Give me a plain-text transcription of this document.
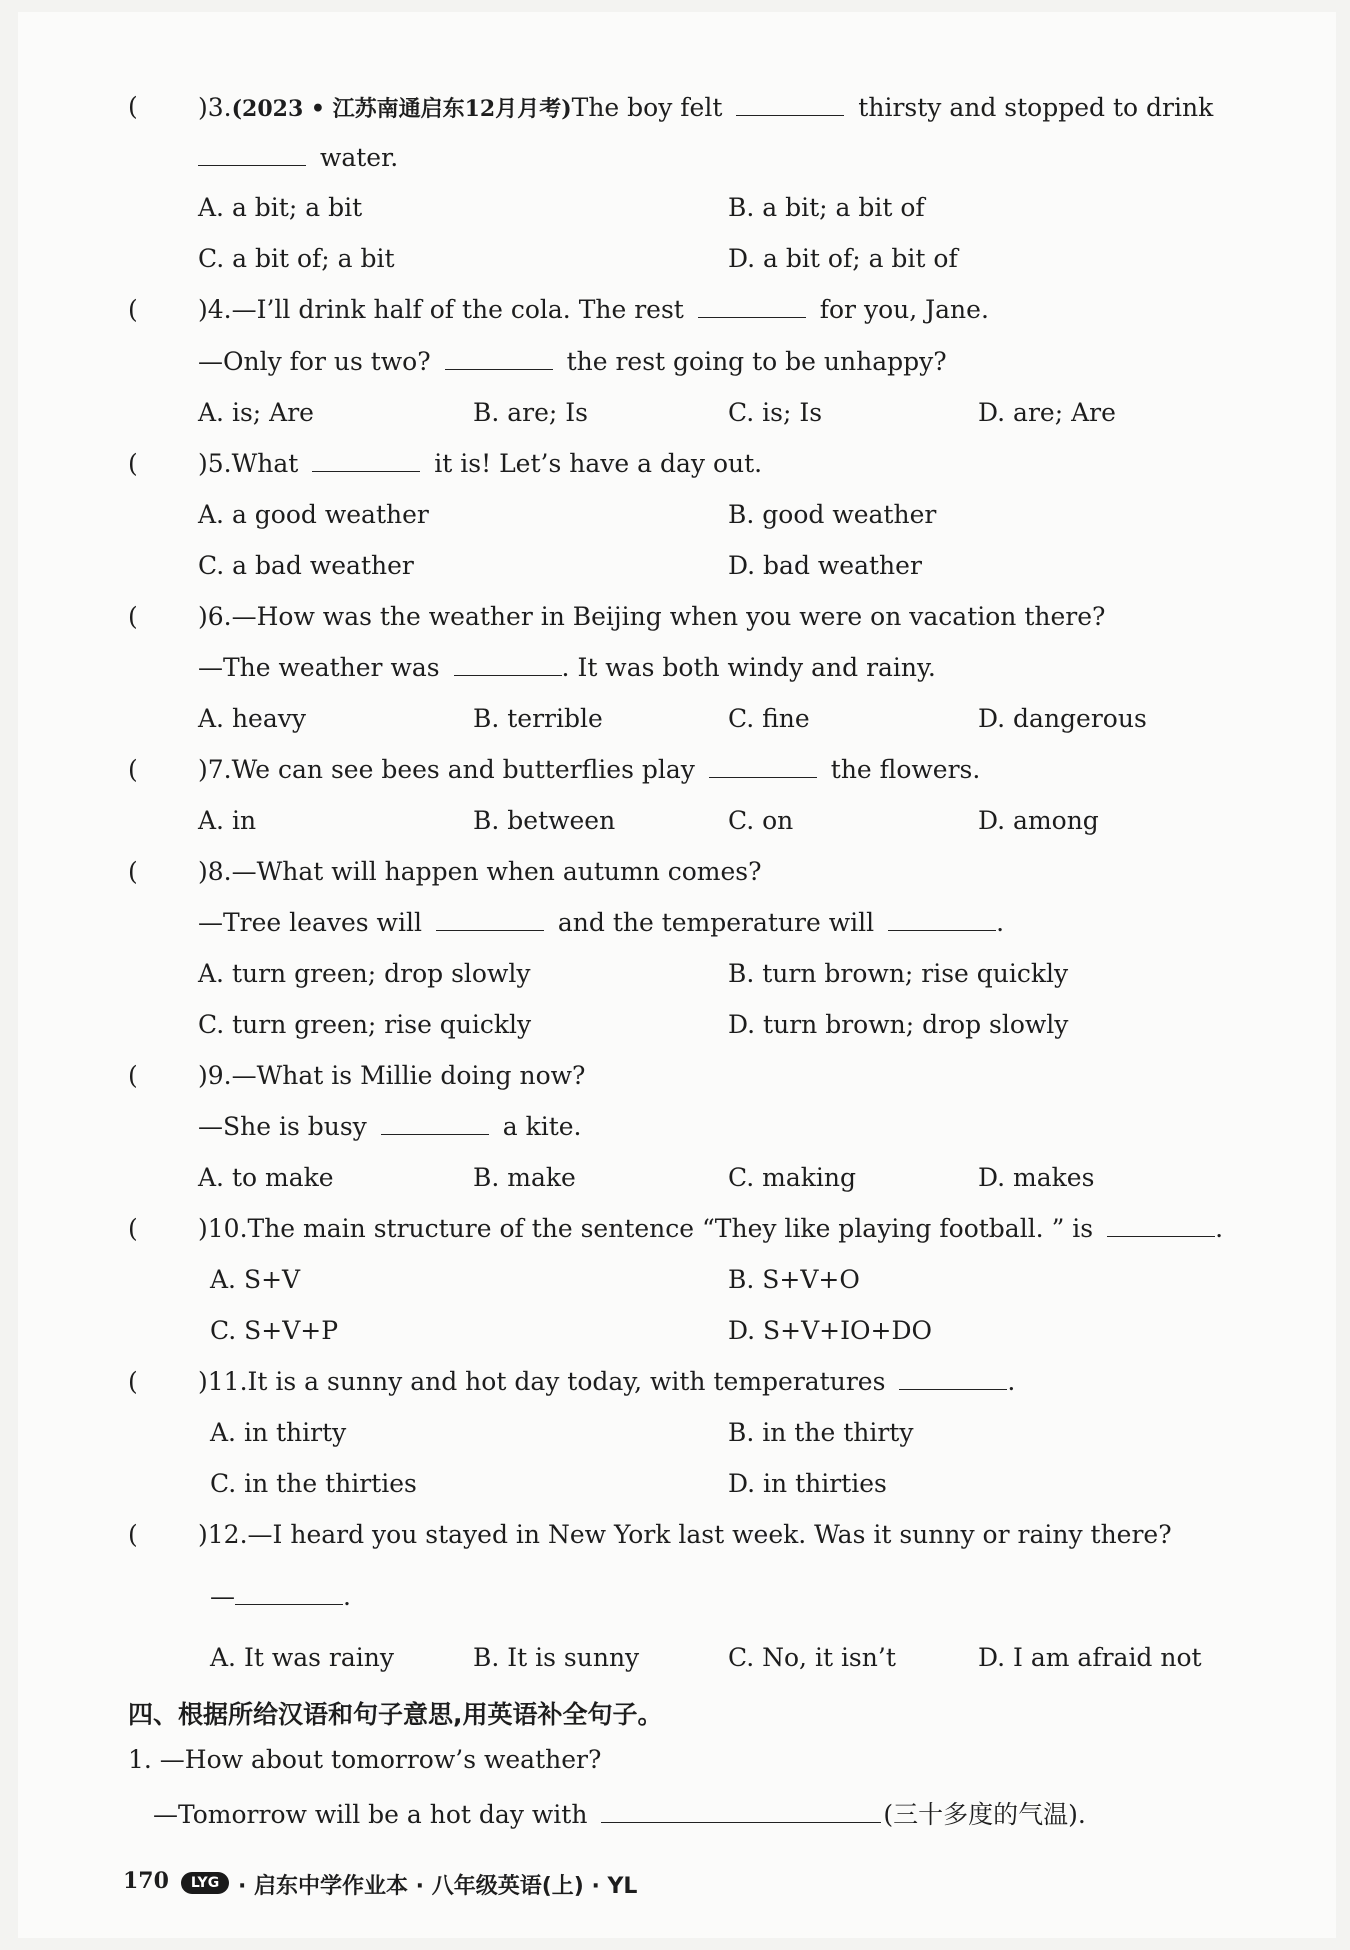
( )3.(2023 • 江苏南通启东12月月考)The boy felt	thirsty and stopped to drink
water.
A. a bit; a bit	B. a bit; a bit of
C. a bit of; a bit	D. a bit of; a bit of
( )4.—I’ll drink half of the cola. The rest	for you, Jane.
—Only for us two?	the rest going to be unhappy?
A. is; Are	B. are; Is	C. is; Is	D. are; Are
( )5.What	it is! Let’s have a day out.
A. a good weather	B. good weather
C. a bad weather	D. bad weather
( )6.—How was the weather in Beijing when you were on vacation there?
—The weather was	. It was both windy and rainy.
A. heavy	B. terrible	C. fine	D. dangerous
( )7.We can see bees and butterflies play	the flowers.
A. in	B. between	C. on	D. among
( )8.—What will happen when autumn comes?
—Tree leaves will	and the temperature will	.
A. turn green; drop slowly	B. turn brown; rise quickly
C. turn green; rise quickly	D. turn brown; drop slowly
( )9.—What is Millie doing now?
—She is busy	a kite.
A. to make	B. make	C. making	D. makes
( )10.The main structure of the sentence “They like playing football. ” is	.
A. S+V	B. S+V+O
C. S+V+P	D. S+V+IO+DO
( )11.It is a sunny and hot day today, with temperatures	.
A. in thirty	B. in the thirty
C. in the thirties	D. in thirties
( )12.—I heard you stayed in New York last week. Was it sunny or rainy there?
—	.
A. It was rainy	B. It is sunny	C. No, it isn’t	D. I am afraid not
四、根据所给汉语和句子意思,用英语补全句子。
1. —How about tomorrow’s weather?
—Tomorrow will be a hot day with	(三十多度的气温).
170	LYG · 启东中学作业本 · 八年级英语(上) · YL
